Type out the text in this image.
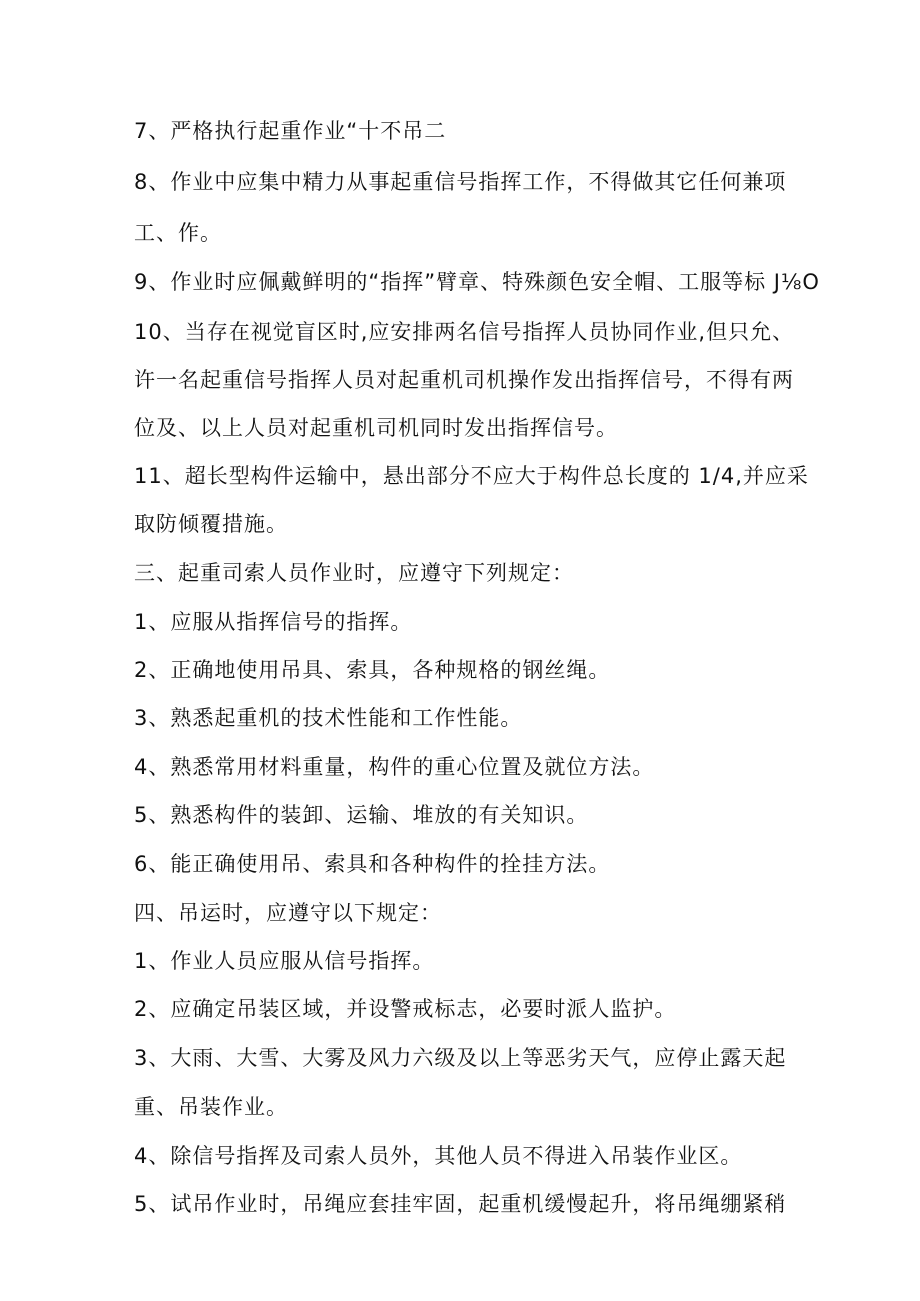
7、严格执行起重作业“十不吊二
8、作业中应集中精力从事起重信号指挥工作，不得做其它任何兼项
工、作。
9、作业时应佩戴鲜明的“指挥”臂章、特殊颜色安全帽、工服等标 J⅛O
10、当存在视觉盲区时,应安排两名信号指挥人员协同作业,但只允、
许一名起重信号指挥人员对起重机司机操作发出指挥信号，不得有两
位及、以上人员对起重机司机同时发出指挥信号。
11、超长型构件运输中，悬出部分不应大于构件总长度的 1/4,并应采
取防倾覆措施。
三、起重司索人员作业时，应遵守下列规定：
1、应服从指挥信号的指挥。
2、正确地使用吊具、索具，各种规格的钢丝绳。
3、熟悉起重机的技术性能和工作性能。
4、熟悉常用材料重量，构件的重心位置及就位方法。
5、熟悉构件的装卸、运输、堆放的有关知识。
6、能正确使用吊、索具和各种构件的拴挂方法。
四、吊运时，应遵守以下规定：
1、作业人员应服从信号指挥。
2、应确定吊装区域，并设警戒标志，必要时派人监护。
3、大雨、大雪、大雾及风力六级及以上等恶劣天气，应停止露天起
重、吊装作业。
4、除信号指挥及司索人员外，其他人员不得进入吊装作业区。
5、试吊作业时，吊绳应套挂牢固，起重机缓慢起升，将吊绳绷紧稍
